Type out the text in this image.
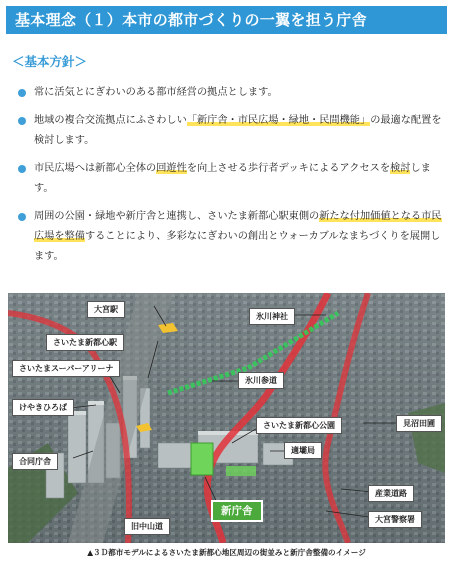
基本理念（１）本市の都市づくりの一翼を担う庁舎
＜基本方針＞
常に活気とにぎわいのある都市経営の拠点とします。
地域の複合交流拠点にふさわしい「新庁舎・市民広場・緑地・民間機能」の最適な配置を検討します。
市民広場へは新都心全体の回遊性を向上させる歩行者デッキによるアクセスを検討します。
周囲の公園・緑地や新庁舎と連携し、さいたま新都心駅東側の新たな付加価値となる市民広場を整備することにより、多彩なにぎわいの創出とウォーカブルなまちづくりを展開します。
大宮駅
さいたま新都心駅
さいたまスーパーアリーナ
けやきひろば
合同庁舎
氷川神社
氷川参道
さいたま新都心公園
適壩局
見沼田圃
産業道路
大宮警察署
旧中山道
新庁舎
▲３Ｄ都市モデルによるさいたま新都心地区周辺の街並みと新庁舎整備のイメージ
